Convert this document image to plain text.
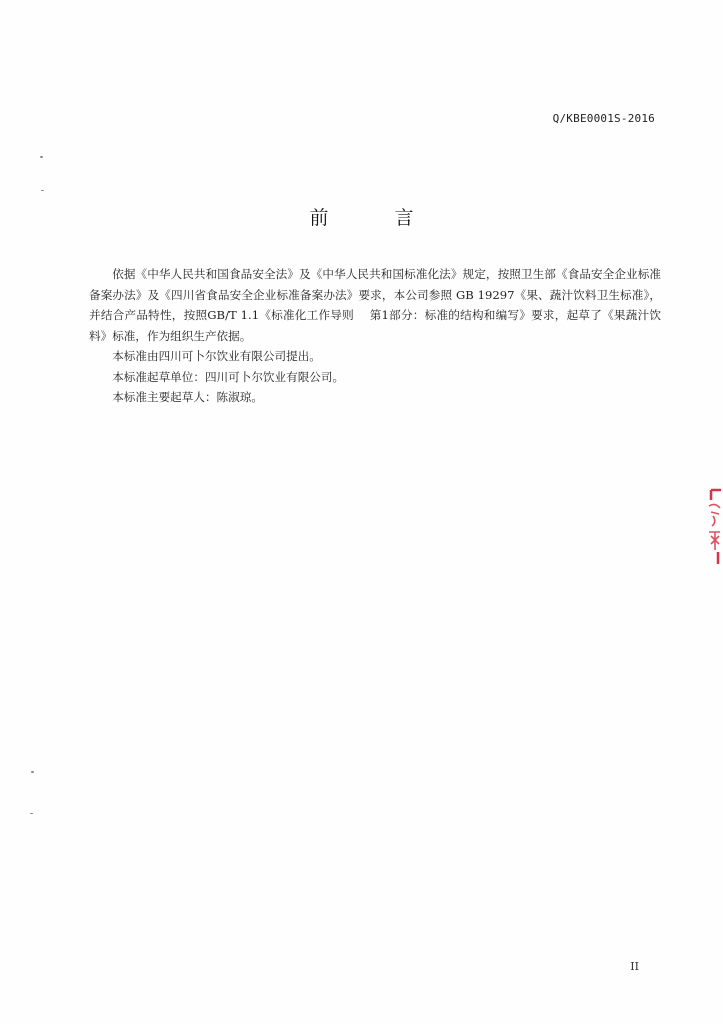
Q/KBE0001S-2016
前 言

依据《中华人民共和国食品安全法》及《中华人民共和国标准化法》规定，按照卫生部《食品安全企业标准备案办法》及《四川省食品安全企业标准备案办法》要求，本公司参照 GB 19297《果、蔬汁饮料卫生标准》，并结合产品特性，按照GB/T 1.1《标准化工作导则　 第1部分：标准的结构和编写》要求，起草了《果蔬汁饮料》标准，作为组织生产依据。

本标准由四川可卜尔饮业有限公司提出。

本标准起草单位：四川可卜尔饮业有限公司。

本标准主要起草人：陈淑琼。

II
